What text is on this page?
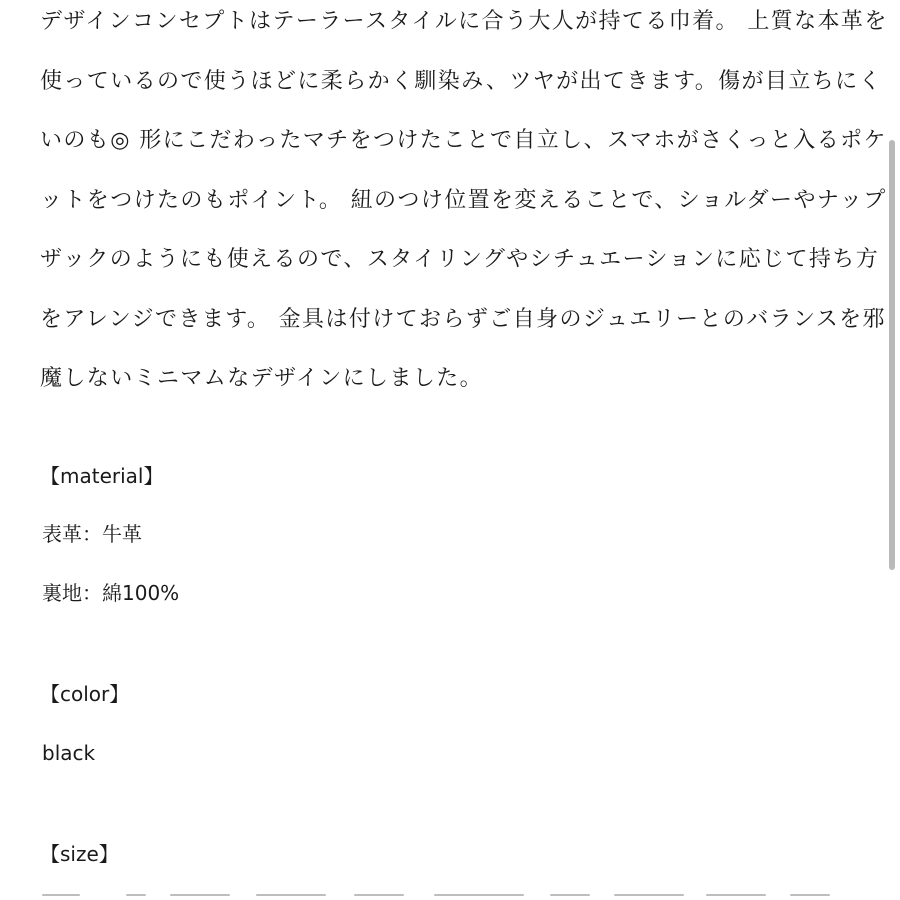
デザインコンセプトはテーラースタイルに合う大人が持てる巾着。 上質な本革を
使っているので使うほどに柔らかく馴染み、ツヤが出てきます。傷が目立ちにく
いのも◎ 形にこだわったマチをつけたことで自立し、スマホがさくっと入るポケ
ットをつけたのもポイント。 紐のつけ位置を変えることで、ショルダーやナップ
ザックのようにも使えるので、スタイリングやシチュエーションに応じて持ち方
をアレンジできます。 金具は付けておらずご自身のジュエリーとのバランスを邪
魔しないミニマムなデザインにしました。
【material】
表革：牛革
裏地：綿100%
【color】
black
【size】
